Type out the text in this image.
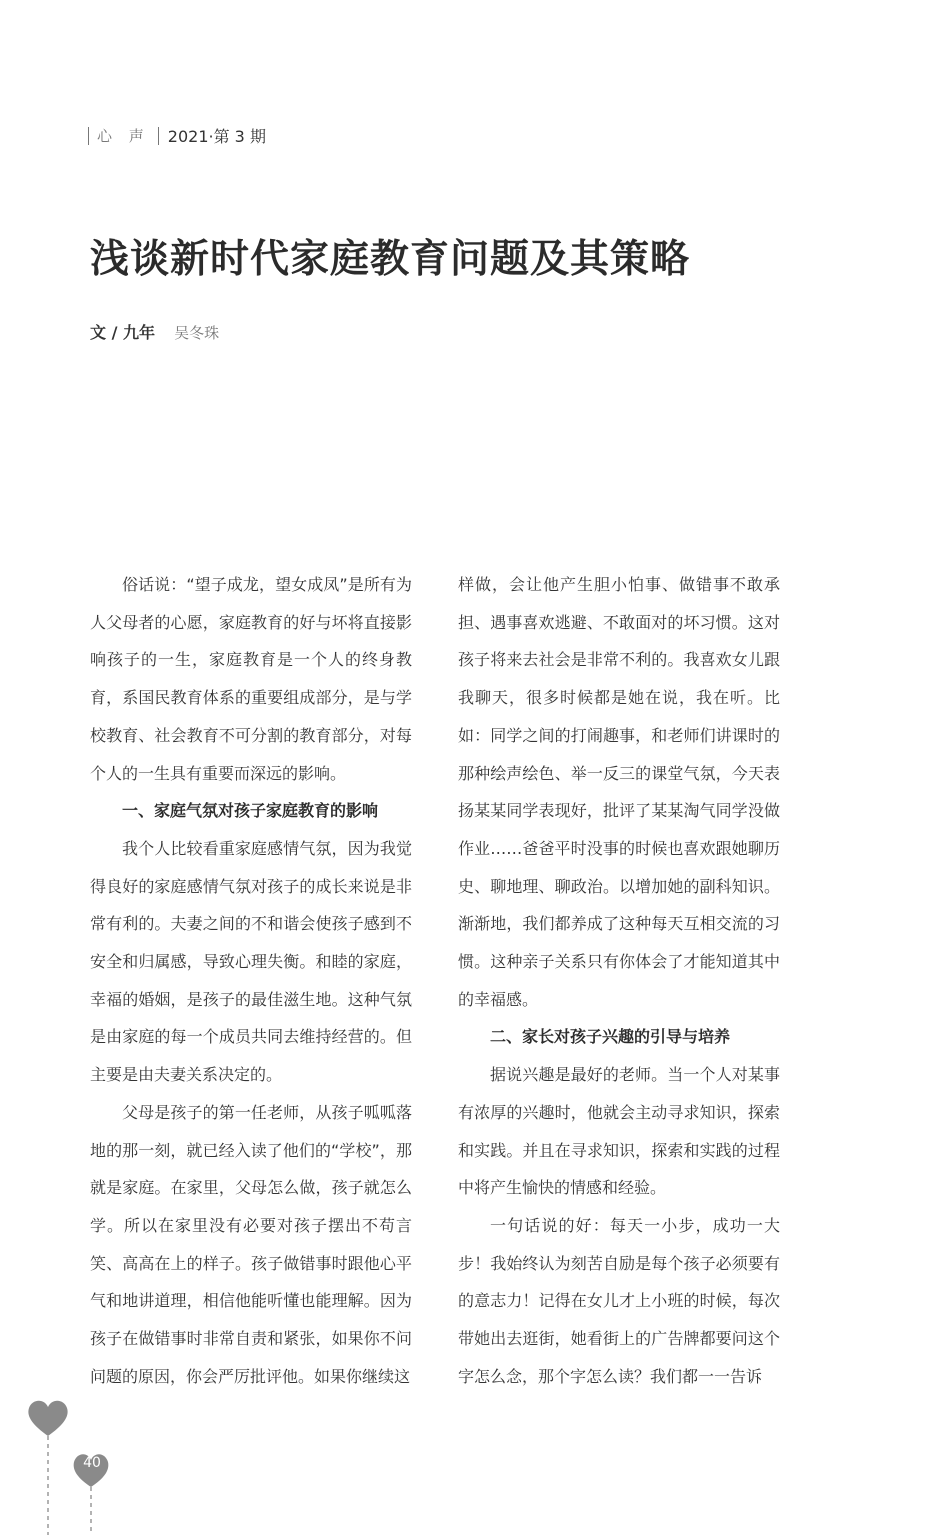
心 声 2021·第 3 期
浅谈新时代家庭教育问题及其策略
文 / 九年 吴冬珠

俗话说：“望子成龙，望女成凤”是所有为人父母者的心愿，家庭教育的好与坏将直接影响孩子的一生，家庭教育是一个人的终身教育，系国民教育体系的重要组成部分，是与学校教育、社会教育不可分割的教育部分，对每个人的一生具有重要而深远的影响。

一、家庭气氛对孩子家庭教育的影响

我个人比较看重家庭感情气氛，因为我觉得良好的家庭感情气氛对孩子的成长来说是非常有利的。夫妻之间的不和谐会使孩子感到不安全和归属感，导致心理失衡。和睦的家庭，幸福的婚姻，是孩子的最佳滋生地。这种气氛是由家庭的每一个成员共同去维持经营的。但主要是由夫妻关系决定的。

父母是孩子的第一任老师，从孩子呱呱落地的那一刻，就已经入读了他们的“学校”，那就是家庭。在家里，父母怎么做，孩子就怎么学。所以在家里没有必要对孩子摆出不苟言笑、高高在上的样子。孩子做错事时跟他心平气和地讲道理，相信他能听懂也能理解。因为孩子在做错事时非常自责和紧张，如果你不问问题的原因，你会严厉批评他。如果你继续这

样做，会让他产生胆小怕事、做错事不敢承担、遇事喜欢逃避、不敢面对的坏习惯。这对孩子将来去社会是非常不利的。我喜欢女儿跟我聊天，很多时候都是她在说，我在听。比如：同学之间的打闹趣事，和老师们讲课时的那种绘声绘色、举一反三的课堂气氛，今天表扬某某同学表现好，批评了某某淘气同学没做作业……爸爸平时没事的时候也喜欢跟她聊历史、聊地理、聊政治。以增加她的副科知识。渐渐地，我们都养成了这种每天互相交流的习惯。这种亲子关系只有你体会了才能知道其中的幸福感。

二、家长对孩子兴趣的引导与培养

据说兴趣是最好的老师。当一个人对某事有浓厚的兴趣时，他就会主动寻求知识，探索和实践。并且在寻求知识，探索和实践的过程中将产生愉快的情感和经验。

一句话说的好：每天一小步，成功一大步！我始终认为刻苦自励是每个孩子必须要有的意志力！记得在女儿才上小班的时候，每次带她出去逛街，她看街上的广告牌都要问这个字怎么念，那个字怎么读？我们都一一告诉

40
